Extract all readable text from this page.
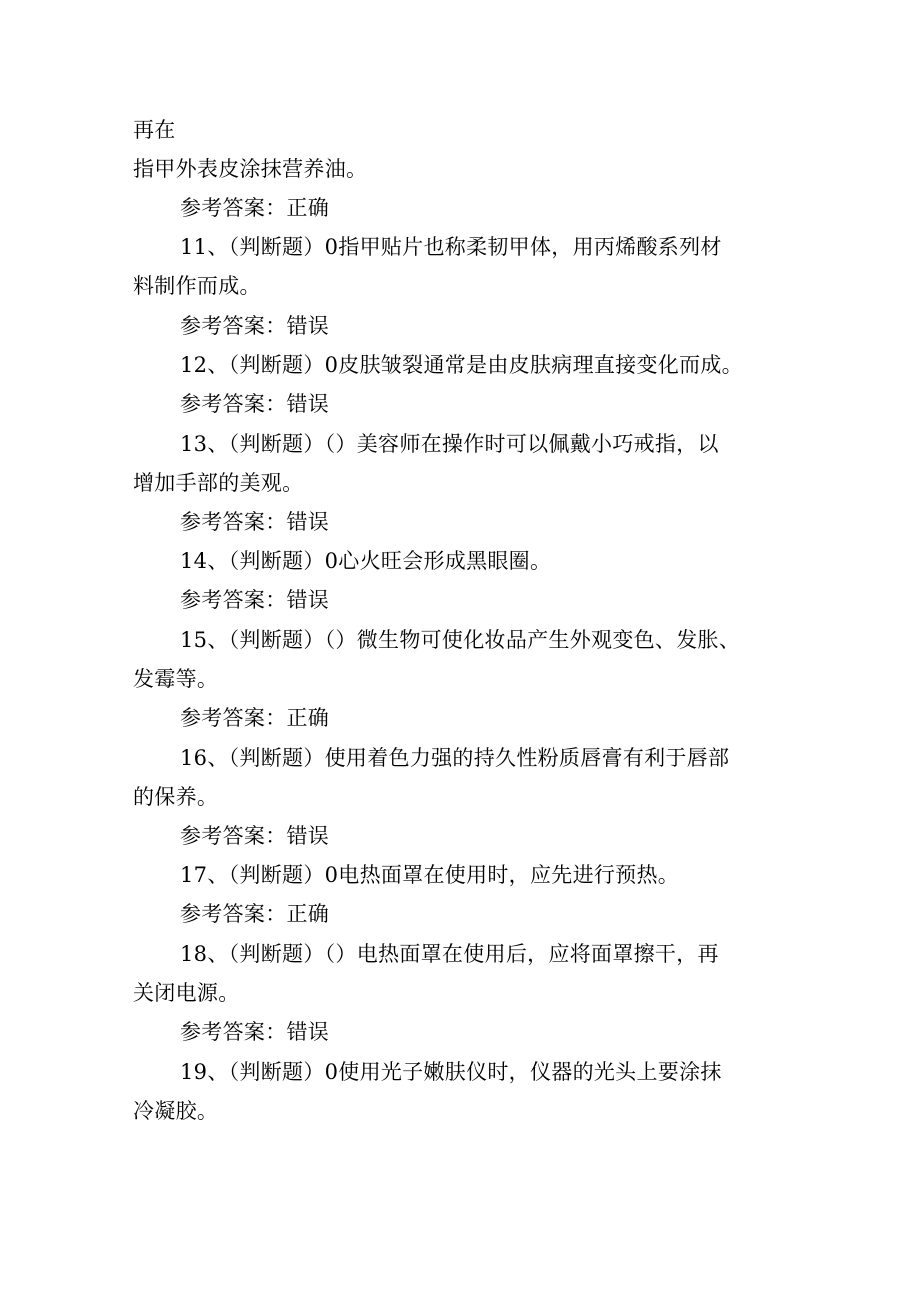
再在
指甲外表皮涂抹营养油。
参考答案：正确
11、（判断题）0指甲贴片也称柔韧甲体，用丙烯酸系列材
料制作而成。
参考答案：错误
12、（判断题）0皮肤皱裂通常是由皮肤病理直接变化而成。
参考答案：错误
13、（判断题）（）美容师在操作时可以佩戴小巧戒指，以
增加手部的美观。
参考答案：错误
14、（判断题）0心火旺会形成黑眼圈。
参考答案：错误
15、（判断题）（）微生物可使化妆品产生外观变色、发胀、
发霉等。
参考答案：正确
16、（判断题）使用着色力强的持久性粉质唇膏有利于唇部
的保养。
参考答案：错误
17、（判断题）0电热面罩在使用时，应先进行预热。
参考答案：正确
18、（判断题）（）电热面罩在使用后，应将面罩擦干，再
关闭电源。
参考答案：错误
19、（判断题）0使用光子嫩肤仪时，仪器的光头上要涂抹
冷凝胶。
